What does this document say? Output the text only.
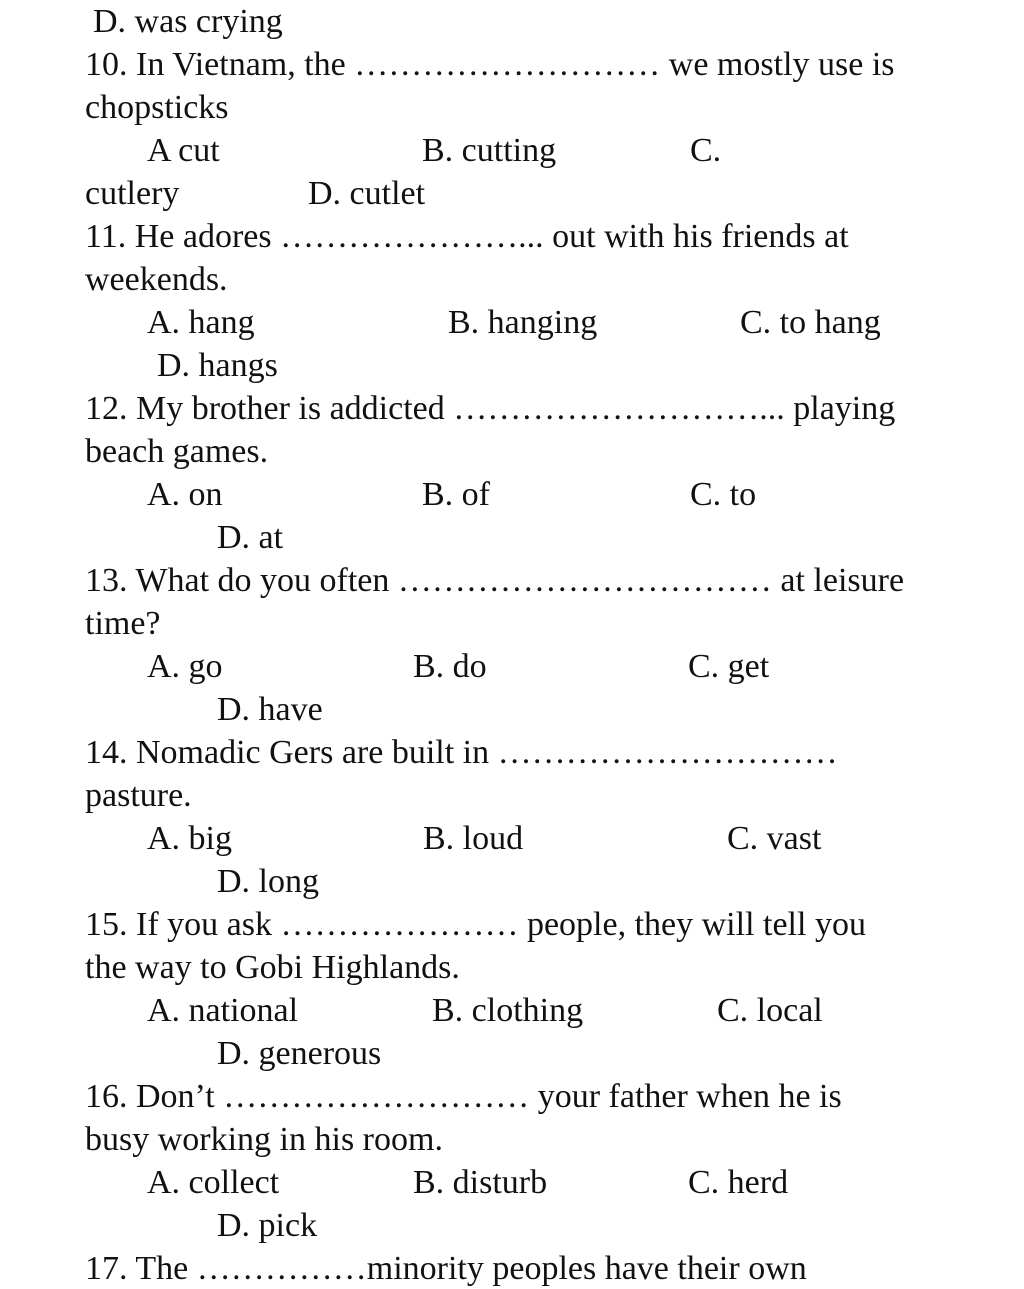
D. was crying
10. In Vietnam, the ……………………… we mostly use is
chopsticks
A cut	B. cutting	C.
cutlery	D. cutlet
11. He adores …………………... out with his friends at
weekends.
A. hang	B. hanging	C. to hang
D. hangs
12. My brother is addicted ………………………... playing
beach games.
A. on	B. of	C. to
D. at
13. What do you often …………………………… at leisure
time?
A. go	B. do	C. get
D. have
14. Nomadic Gers are built in …………………………
pasture.
A. big	B. loud	C. vast
D. long
15. If you ask ………………… people, they will tell you
the way to Gobi Highlands.
A. national	B. clothing	C. local
D. generous
16. Don’t ……………………… your father when he is
busy working in his room.
A. collect	B. disturb	C. herd
D. pick
17. The ……………minority peoples have their own
